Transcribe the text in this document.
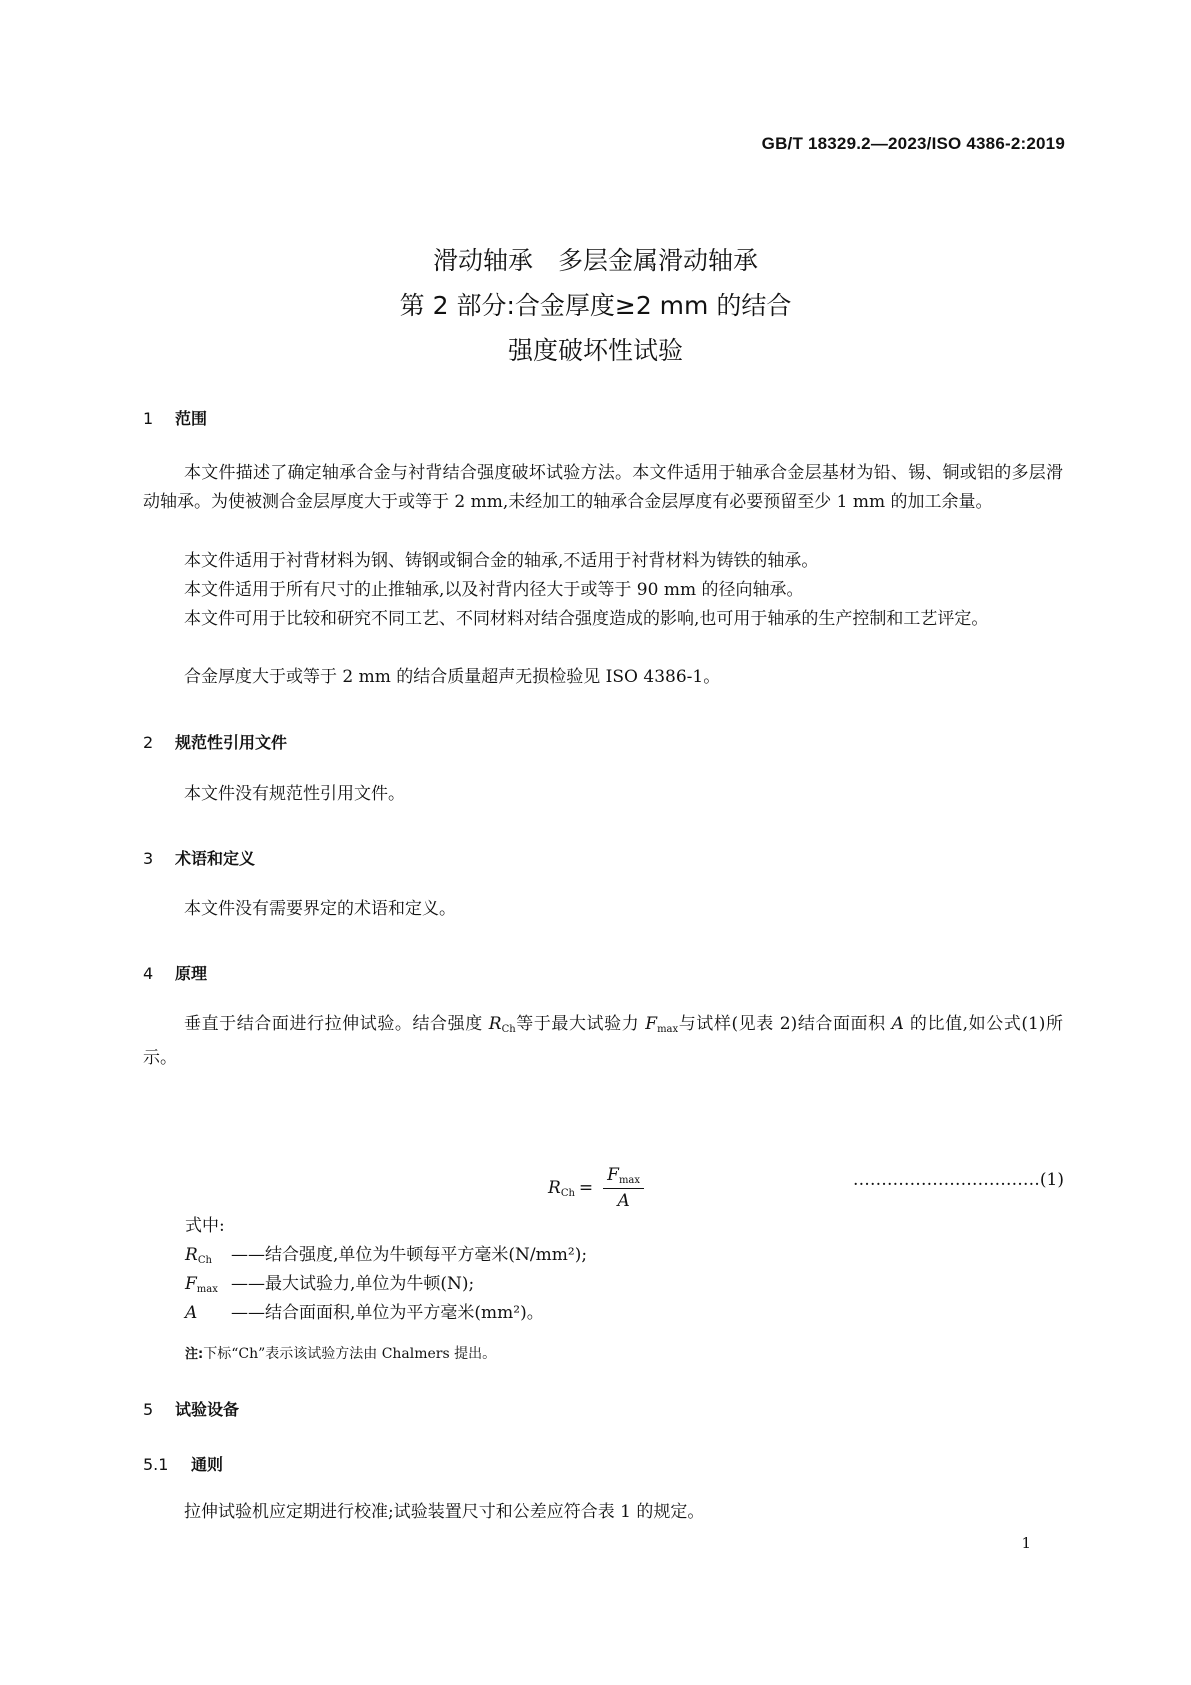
GB/T 18329.2—2023/ISO 4386-2:2019
滑动轴承　多层金属滑动轴承
第 2 部分:合金厚度≥2 mm 的结合
强度破坏性试验
1 范围
本文件描述了确定轴承合金与衬背结合强度破坏试验方法。本文件适用于轴承合金层基材为铅、锡、铜或铝的多层滑动轴承。为使被测合金层厚度大于或等于 2 mm,未经加工的轴承合金层厚度有必要预留至少 1 mm 的加工余量。
本文件适用于衬背材料为钢、铸钢或铜合金的轴承,不适用于衬背材料为铸铁的轴承。
本文件适用于所有尺寸的止推轴承,以及衬背内径大于或等于 90 mm 的径向轴承。
本文件可用于比较和研究不同工艺、不同材料对结合强度造成的影响,也可用于轴承的生产控制和工艺评定。
合金厚度大于或等于 2 mm 的结合质量超声无损检验见 ISO 4386-1。
2 规范性引用文件
本文件没有规范性引用文件。
3 术语和定义
本文件没有需要界定的术语和定义。
4 原理
垂直于结合面进行拉伸试验。结合强度 $R_{Ch}$等于最大试验力 $F_{max}$与试样(见表 2)结合面面积 A 的比值,如公式(1)所示。
$R_{Ch} = \frac{F_{max}}{A}$	……………………………(1)
式中:
$R_{Ch}$ ——结合强度,单位为牛顿每平方毫米(N/mm²);
$F_{max}$ ——最大试验力,单位为牛顿(N);
A ——结合面面积,单位为平方毫米(mm²)。
注:下标“Ch”表示该试验方法由 Chalmers 提出。
5 试验设备
5.1 通则
拉伸试验机应定期进行校准;试验装置尺寸和公差应符合表 1 的规定。
1
